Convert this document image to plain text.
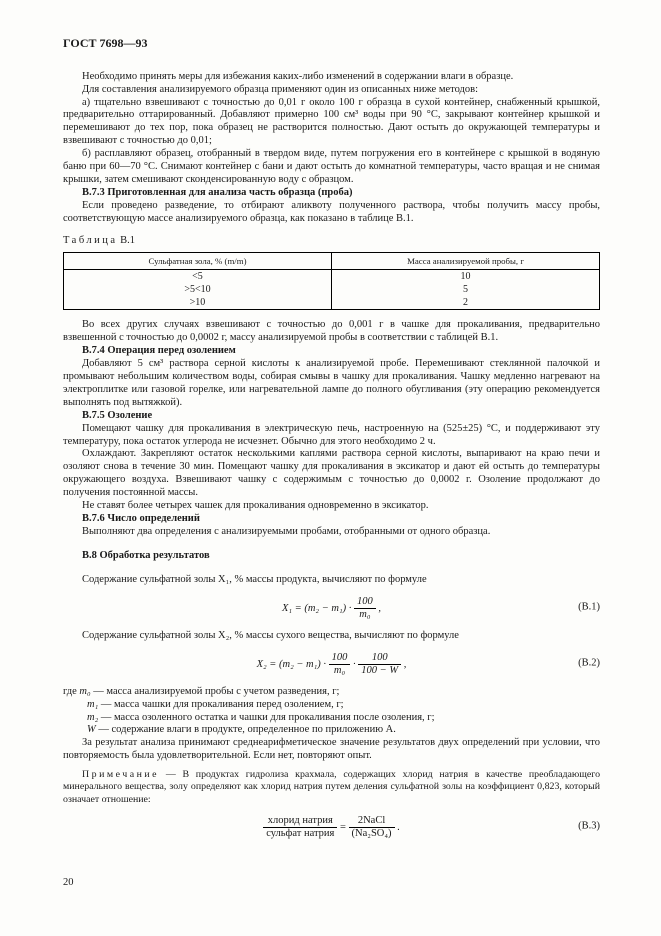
ГОСТ 7698—93

Необходимо принять меры для избежания каких-либо изменений в содержании влаги в образце.

Для составления анализируемого образца применяют один из описанных ниже методов:

а) тщательно взвешивают с точностью до 0,01 г около 100 г образца в сухой контейнер, снабженный крышкой, предварительно оттарированный. Добавляют примерно 100 см³ воды при 90 °С, закрывают контейнер крышкой и перемешивают до тех пор, пока образец не растворится полностью. Дают остыть до окружающей температуры и взвешивают с точностью до 0,01;

б) расплавляют образец, отобранный в твердом виде, путем погружения его в контейнере с крышкой в водяную баню при 60—70 °С. Снимают контейнер с бани и дают остыть до комнатной температуры, часто вращая и не снимая крышки, затем смешивают сконденсированную воду с образцом.

В.7.3 Приготовленная для анализа часть образца (проба)

Если проведено разведение, то отбирают аликвоту полученного раствора, чтобы получить массу пробы, соответствующую массе анализируемого образца, как показано в таблице В.1.

Таблица В.1
Сульфатная зола, % (m/m)	Масса анализируемой пробы, г
<5	10
>5<10	5
>10	2

Во всех других случаях взвешивают с точностью до 0,001 г в чашке для прокаливания, предварительно взвешенной с точностью до 0,0002 г, массу анализируемой пробы в соответствии с таблицей В.1.

В.7.4 Операция перед озолением

Добавляют 5 см³ раствора серной кислоты к анализируемой пробе. Перемешивают стеклянной палочкой и промывают небольшим количеством воды, собирая смывы в чашку для прокаливания. Чашку медленно нагревают на электроплитке или газовой горелке, или нагревательной лампе до полного обугливания (эту операцию рекомендуется выполнять под вытяжкой).

В.7.5 Озоление

Помещают чашку для прокаливания в электрическую печь, настроенную на (525±25) °С, и поддерживают эту температуру, пока остаток углерода не исчезнет. Обычно для этого необходимо 2 ч.

Охлаждают. Закрепляют остаток несколькими каплями раствора серной кислоты, выпаривают на краю печи и озоляют снова в течение 30 мин. Помещают чашку для прокаливания в эксикатор и дают ей остыть до температуры окружающего воздуха. Взвешивают чашку с содержимым с точностью до 0,0002 г. Озоление продолжают до получения постоянной массы.

Не ставят более четырех чашек для прокаливания одновременно в эксикатор.

В.7.6 Число определений

Выполняют два определения с анализируемыми пробами, отобранными от одного образца.

В.8 Обработка результатов

Содержание сульфатной золы X₁, % массы продукта, вычисляют по формуле

$X_1 = (m_2 - m_1) \cdot \frac{100}{\text{m₀}}$ ,	(В.1)

Содержание сульфатной золы X₂, % массы сухого вещества, вычисляют по формуле

$X_2 = (m_2 - m_1) \cdot \frac{100}{\text{m₀}} \cdot \frac{100}{100 - W}$ ,	(В.2)

где m₀ — масса анализируемой пробы с учетом разведения, г;

m₁ — масса чашки для прокаливания перед озолением, г;

m₂ — масса озоленного остатка и чашки для прокаливания после озоления, г;

W — содержание влаги в продукте, определенное по приложению А.

За результат анализа принимают среднеарифметическое значение результатов двух определений при условии, что повторяемость была удовлетворительной. Если нет, повторяют опыт.

Примечание — В продуктах гидролиза крахмала, содержащих хлорид натрия в качестве преобладающего минерального вещества, золу определяют как хлорид натрия путем деления сульфатной золы на коэффициент 0,823, который означает отношение:

$\frac{\text{хлорид натрия}}{\text{сульфат натрия}} = \frac{\text{2NaCl}}{\text{(Na₂SO₄)}}$ .	(В.3)
20
